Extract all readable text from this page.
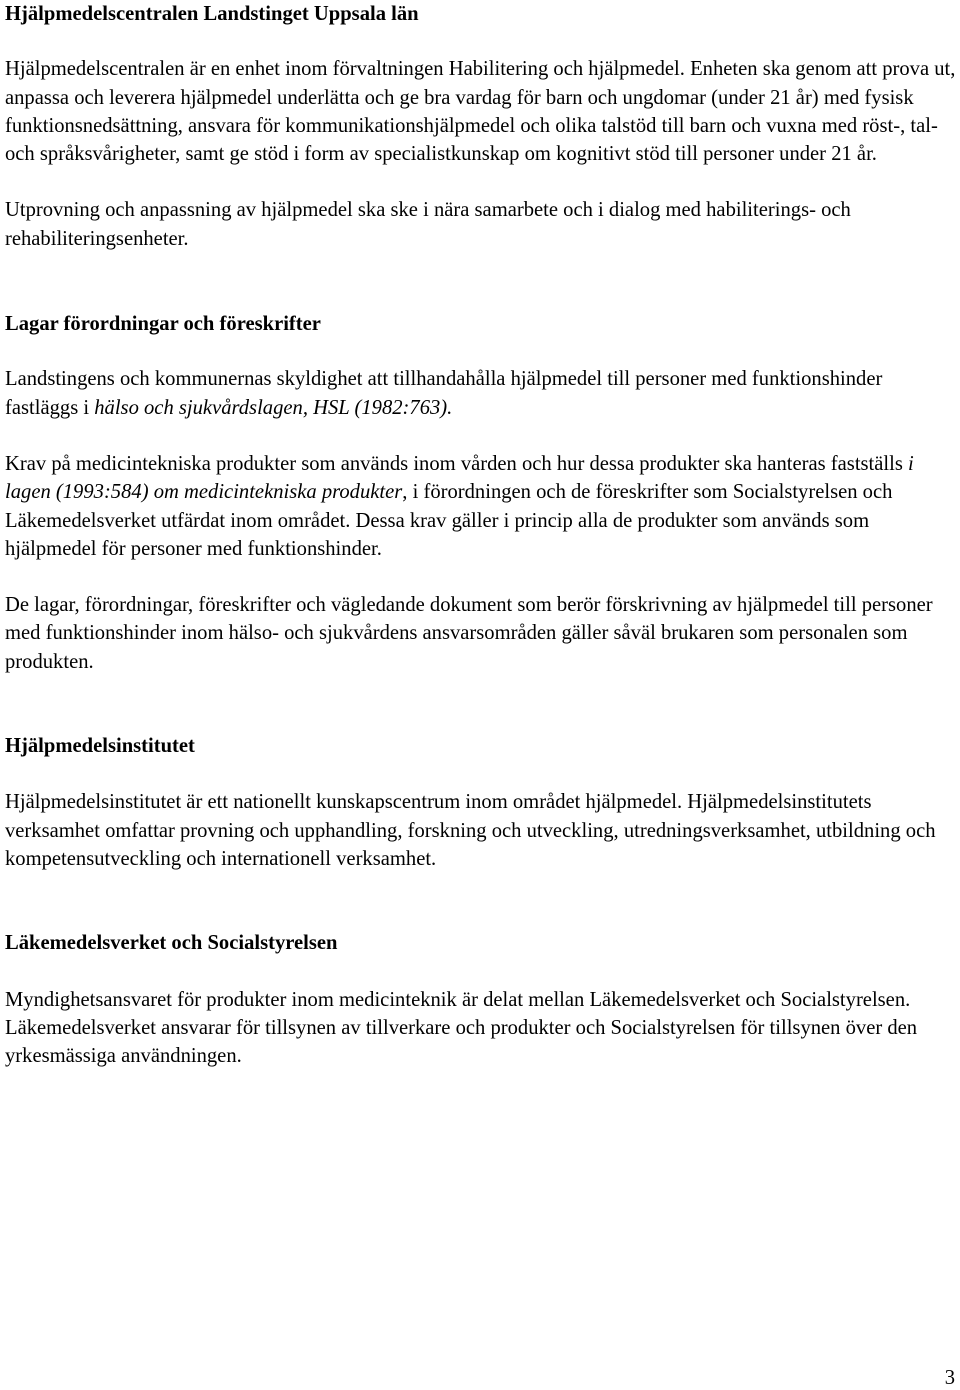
Hjälpmedelscentralen Landstinget Uppsala län

Hjälpmedelscentralen är en enhet inom förvaltningen Habilitering och hjälpmedel. Enheten ska genom att prova ut, anpassa och leverera hjälpmedel underlätta och ge bra vardag för barn och ungdomar (under 21 år) med fysisk funktionsnedsättning, ansvara för kommunikationshjälpmedel och olika talstöd till barn och vuxna med röst-, tal- och språksvårigheter, samt ge stöd i form av specialistkunskap om kognitivt stöd till personer under 21 år.

Utprovning och anpassning av hjälpmedel ska ske i nära samarbete och i dialog med habiliterings- och rehabiliteringsenheter.

Lagar förordningar och föreskrifter

Landstingens och kommunernas skyldighet att tillhandahålla hjälpmedel till personer med funktionshinder fastläggs i hälso och sjukvårdslagen, HSL (1982:763).

Krav på medicintekniska produkter som används inom vården och hur dessa produkter ska hanteras fastställs i lagen (1993:584) om medicintekniska produkter, i förordningen och de föreskrifter som Socialstyrelsen och Läkemedelsverket utfärdat inom området. Dessa krav gäller i princip alla de produkter som används som hjälpmedel för personer med funktionshinder.

De lagar, förordningar, föreskrifter och vägledande dokument som berör förskrivning av hjälpmedel till personer med funktionshinder inom hälso- och sjukvårdens ansvarsområden gäller såväl brukaren som personalen som produkten.

Hjälpmedelsinstitutet

Hjälpmedelsinstitutet är ett nationellt kunskapscentrum inom området hjälpmedel. Hjälpmedelsinstitutets verksamhet omfattar provning och upphandling, forskning och utveckling, utredningsverksamhet, utbildning och kompetensutveckling och internationell verksamhet.

Läkemedelsverket och Socialstyrelsen

Myndighetsansvaret för produkter inom medicinteknik är delat mellan Läkemedelsverket och Socialstyrelsen. Läkemedelsverket ansvarar för tillsynen av tillverkare och produkter och Socialstyrelsen för tillsynen över den yrkesmässiga användningen.

3
